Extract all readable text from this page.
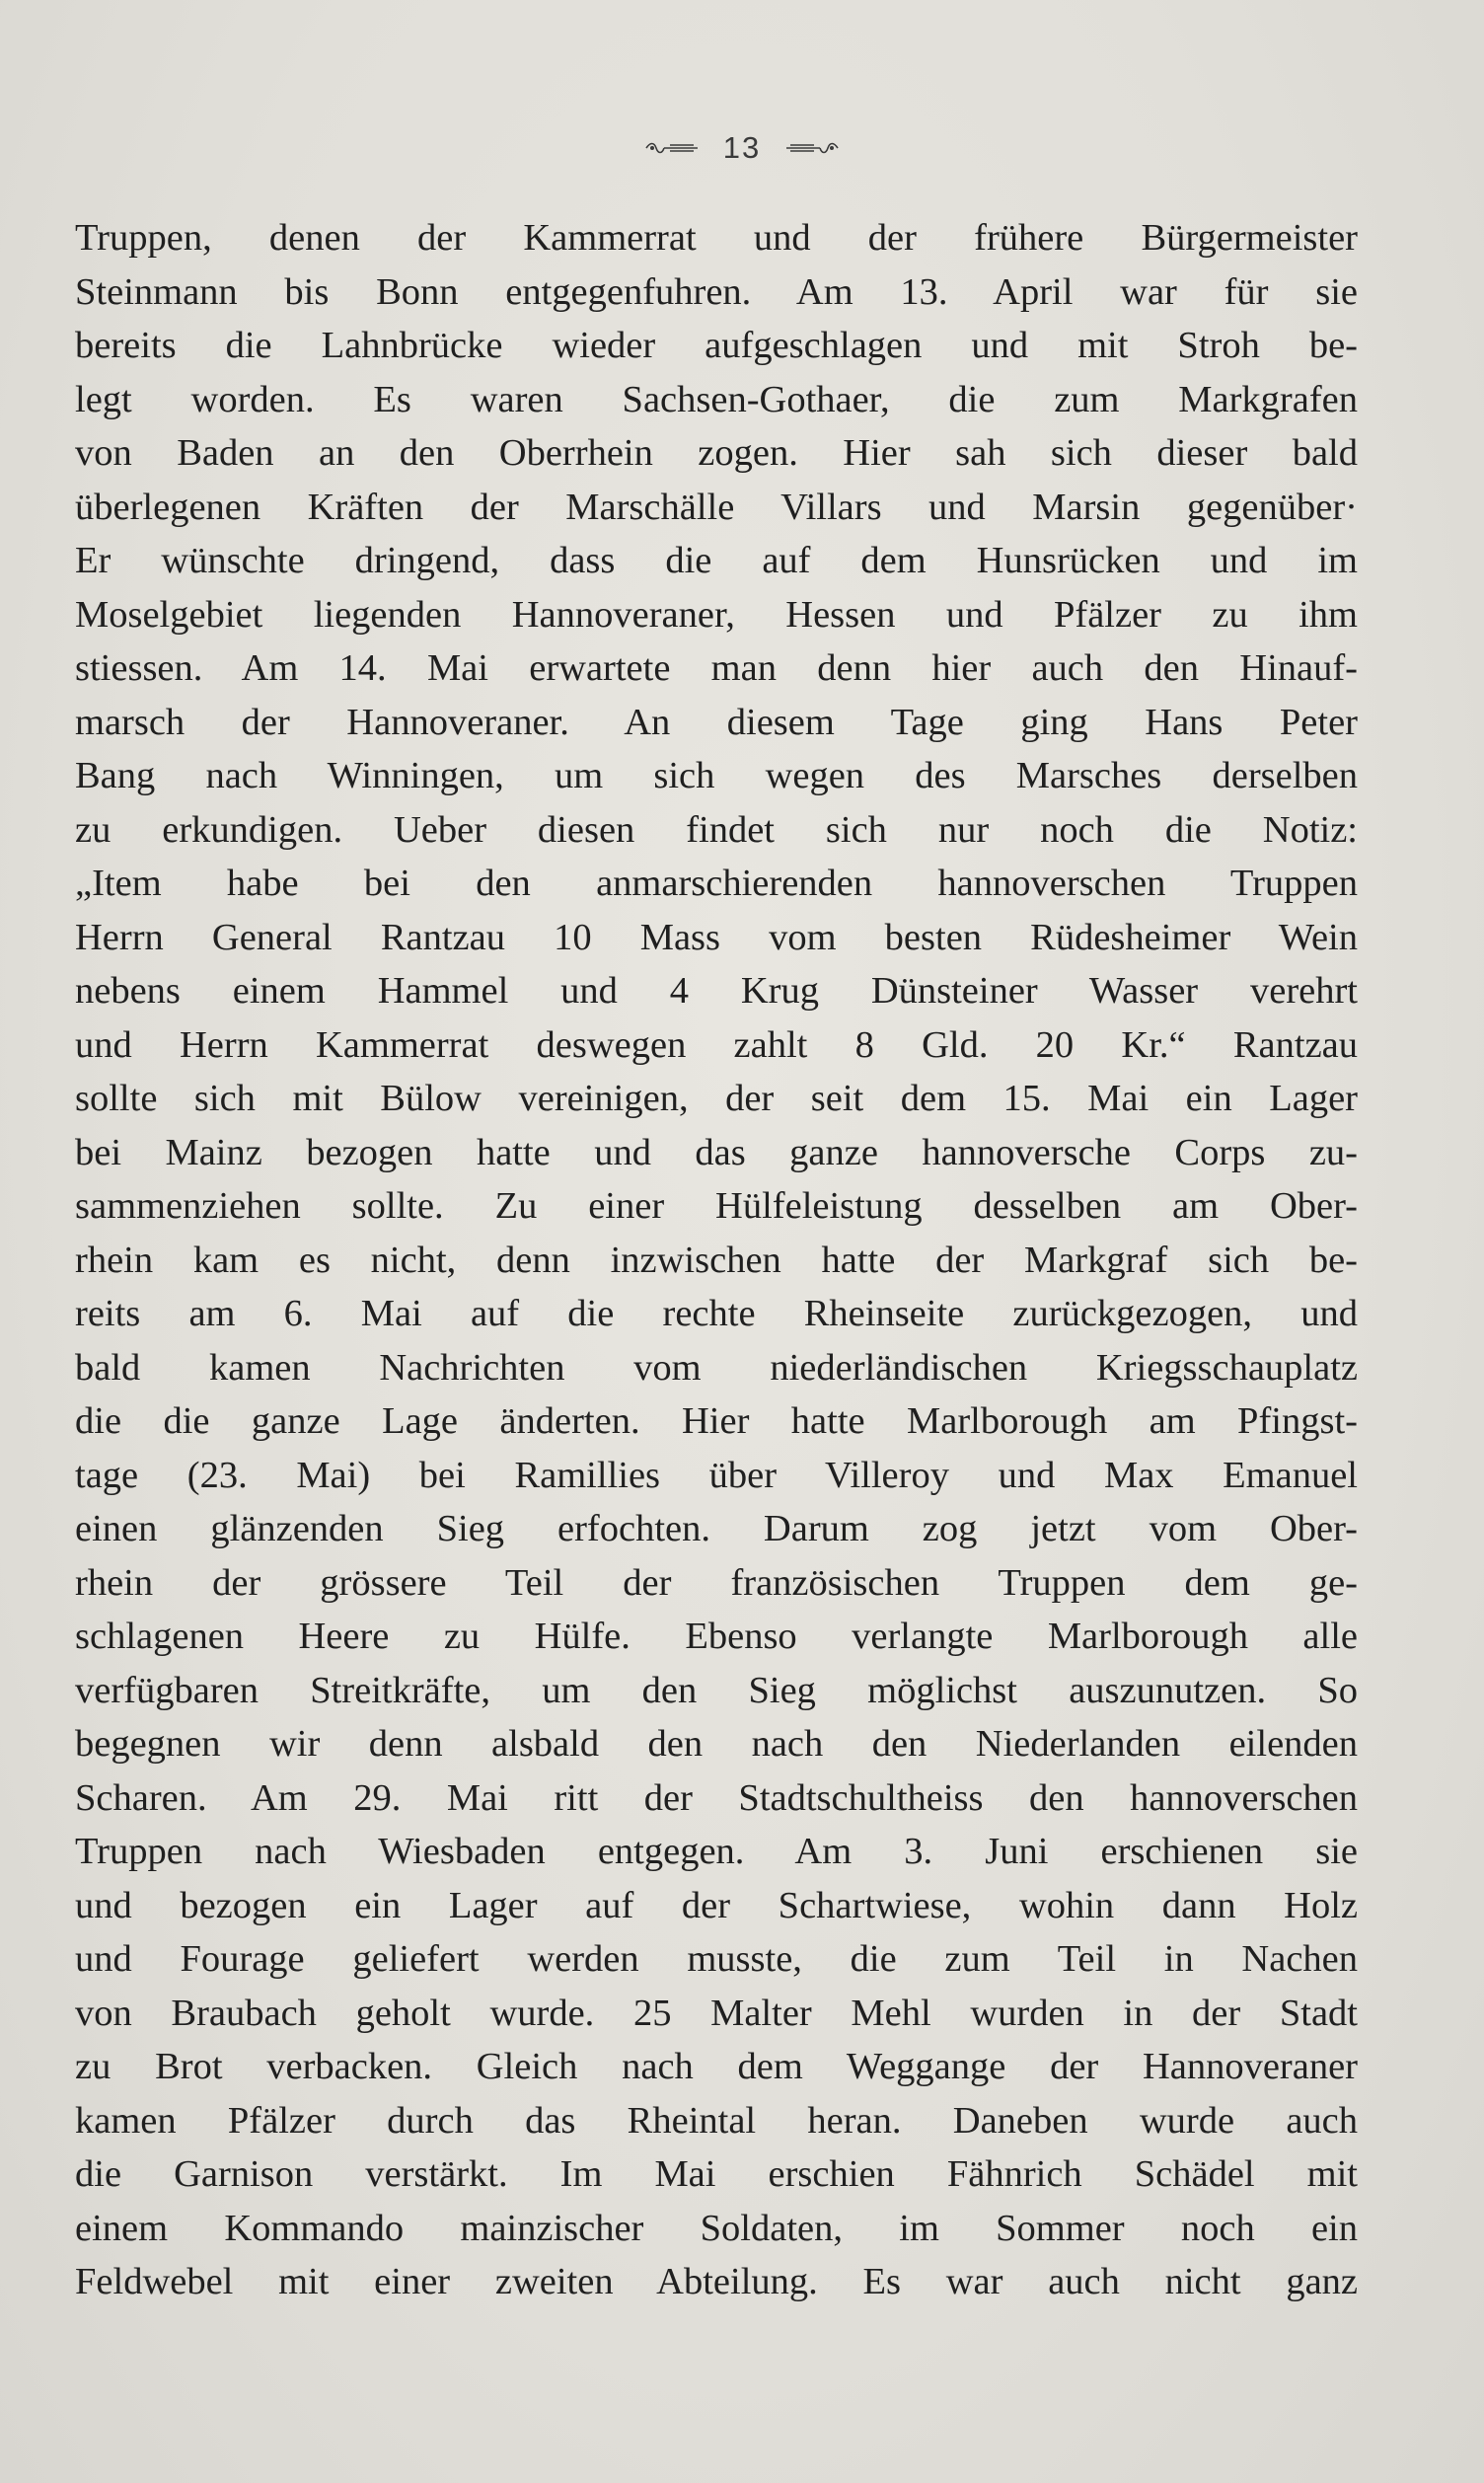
13
Truppen, denen der Kammerrat und der frühere Bürgermeister
Steinmann bis Bonn entgegenfuhren. Am 13. April war für sie
bereits die Lahnbrücke wieder aufgeschlagen und mit Stroh be-
legt worden. Es waren Sachsen-Gothaer, die zum Markgrafen
von Baden an den Oberrhein zogen. Hier sah sich dieser bald
überlegenen Kräften der Marschälle Villars und Marsin gegenüber·
Er wünschte dringend, dass die auf dem Hunsrücken und im
Moselgebiet liegenden Hannoveraner, Hessen und Pfälzer zu ihm
stiessen. Am 14. Mai erwartete man denn hier auch den Hinauf-
marsch der Hannoveraner. An diesem Tage ging Hans Peter
Bang nach Winningen, um sich wegen des Marsches derselben
zu erkundigen. Ueber diesen findet sich nur noch die Notiz:
„Item habe bei den anmarschierenden hannoverschen Truppen
Herrn General Rantzau 10 Mass vom besten Rüdesheimer Wein
nebens einem Hammel und 4 Krug Dünsteiner Wasser verehrt
und Herrn Kammerrat deswegen zahlt 8 Gld. 20 Kr.“ Rantzau
sollte sich mit Bülow vereinigen, der seit dem 15. Mai ein Lager
bei Mainz bezogen hatte und das ganze hannoversche Corps zu-
sammenziehen sollte. Zu einer Hülfeleistung desselben am Ober-
rhein kam es nicht, denn inzwischen hatte der Markgraf sich be-
reits am 6. Mai auf die rechte Rheinseite zurückgezogen, und
bald kamen Nachrichten vom niederländischen Kriegsschauplatz
die die ganze Lage änderten. Hier hatte Marlborough am Pfingst-
tage (23. Mai) bei Ramillies über Villeroy und Max Emanuel
einen glänzenden Sieg erfochten. Darum zog jetzt vom Ober-
rhein der grössere Teil der französischen Truppen dem ge-
schlagenen Heere zu Hülfe. Ebenso verlangte Marlborough alle
verfügbaren Streitkräfte, um den Sieg möglichst auszunutzen. So
begegnen wir denn alsbald den nach den Niederlanden eilenden
Scharen. Am 29. Mai ritt der Stadtschultheiss den hannoverschen
Truppen nach Wiesbaden entgegen. Am 3. Juni erschienen sie
und bezogen ein Lager auf der Schartwiese, wohin dann Holz
und Fourage geliefert werden musste, die zum Teil in Nachen
von Braubach geholt wurde. 25 Malter Mehl wurden in der Stadt
zu Brot verbacken. Gleich nach dem Weggange der Hannoveraner
kamen Pfälzer durch das Rheintal heran. Daneben wurde auch
die Garnison verstärkt. Im Mai erschien Fähnrich Schädel mit
einem Kommando mainzischer Soldaten, im Sommer noch ein
Feldwebel mit einer zweiten Abteilung. Es war auch nicht ganz
